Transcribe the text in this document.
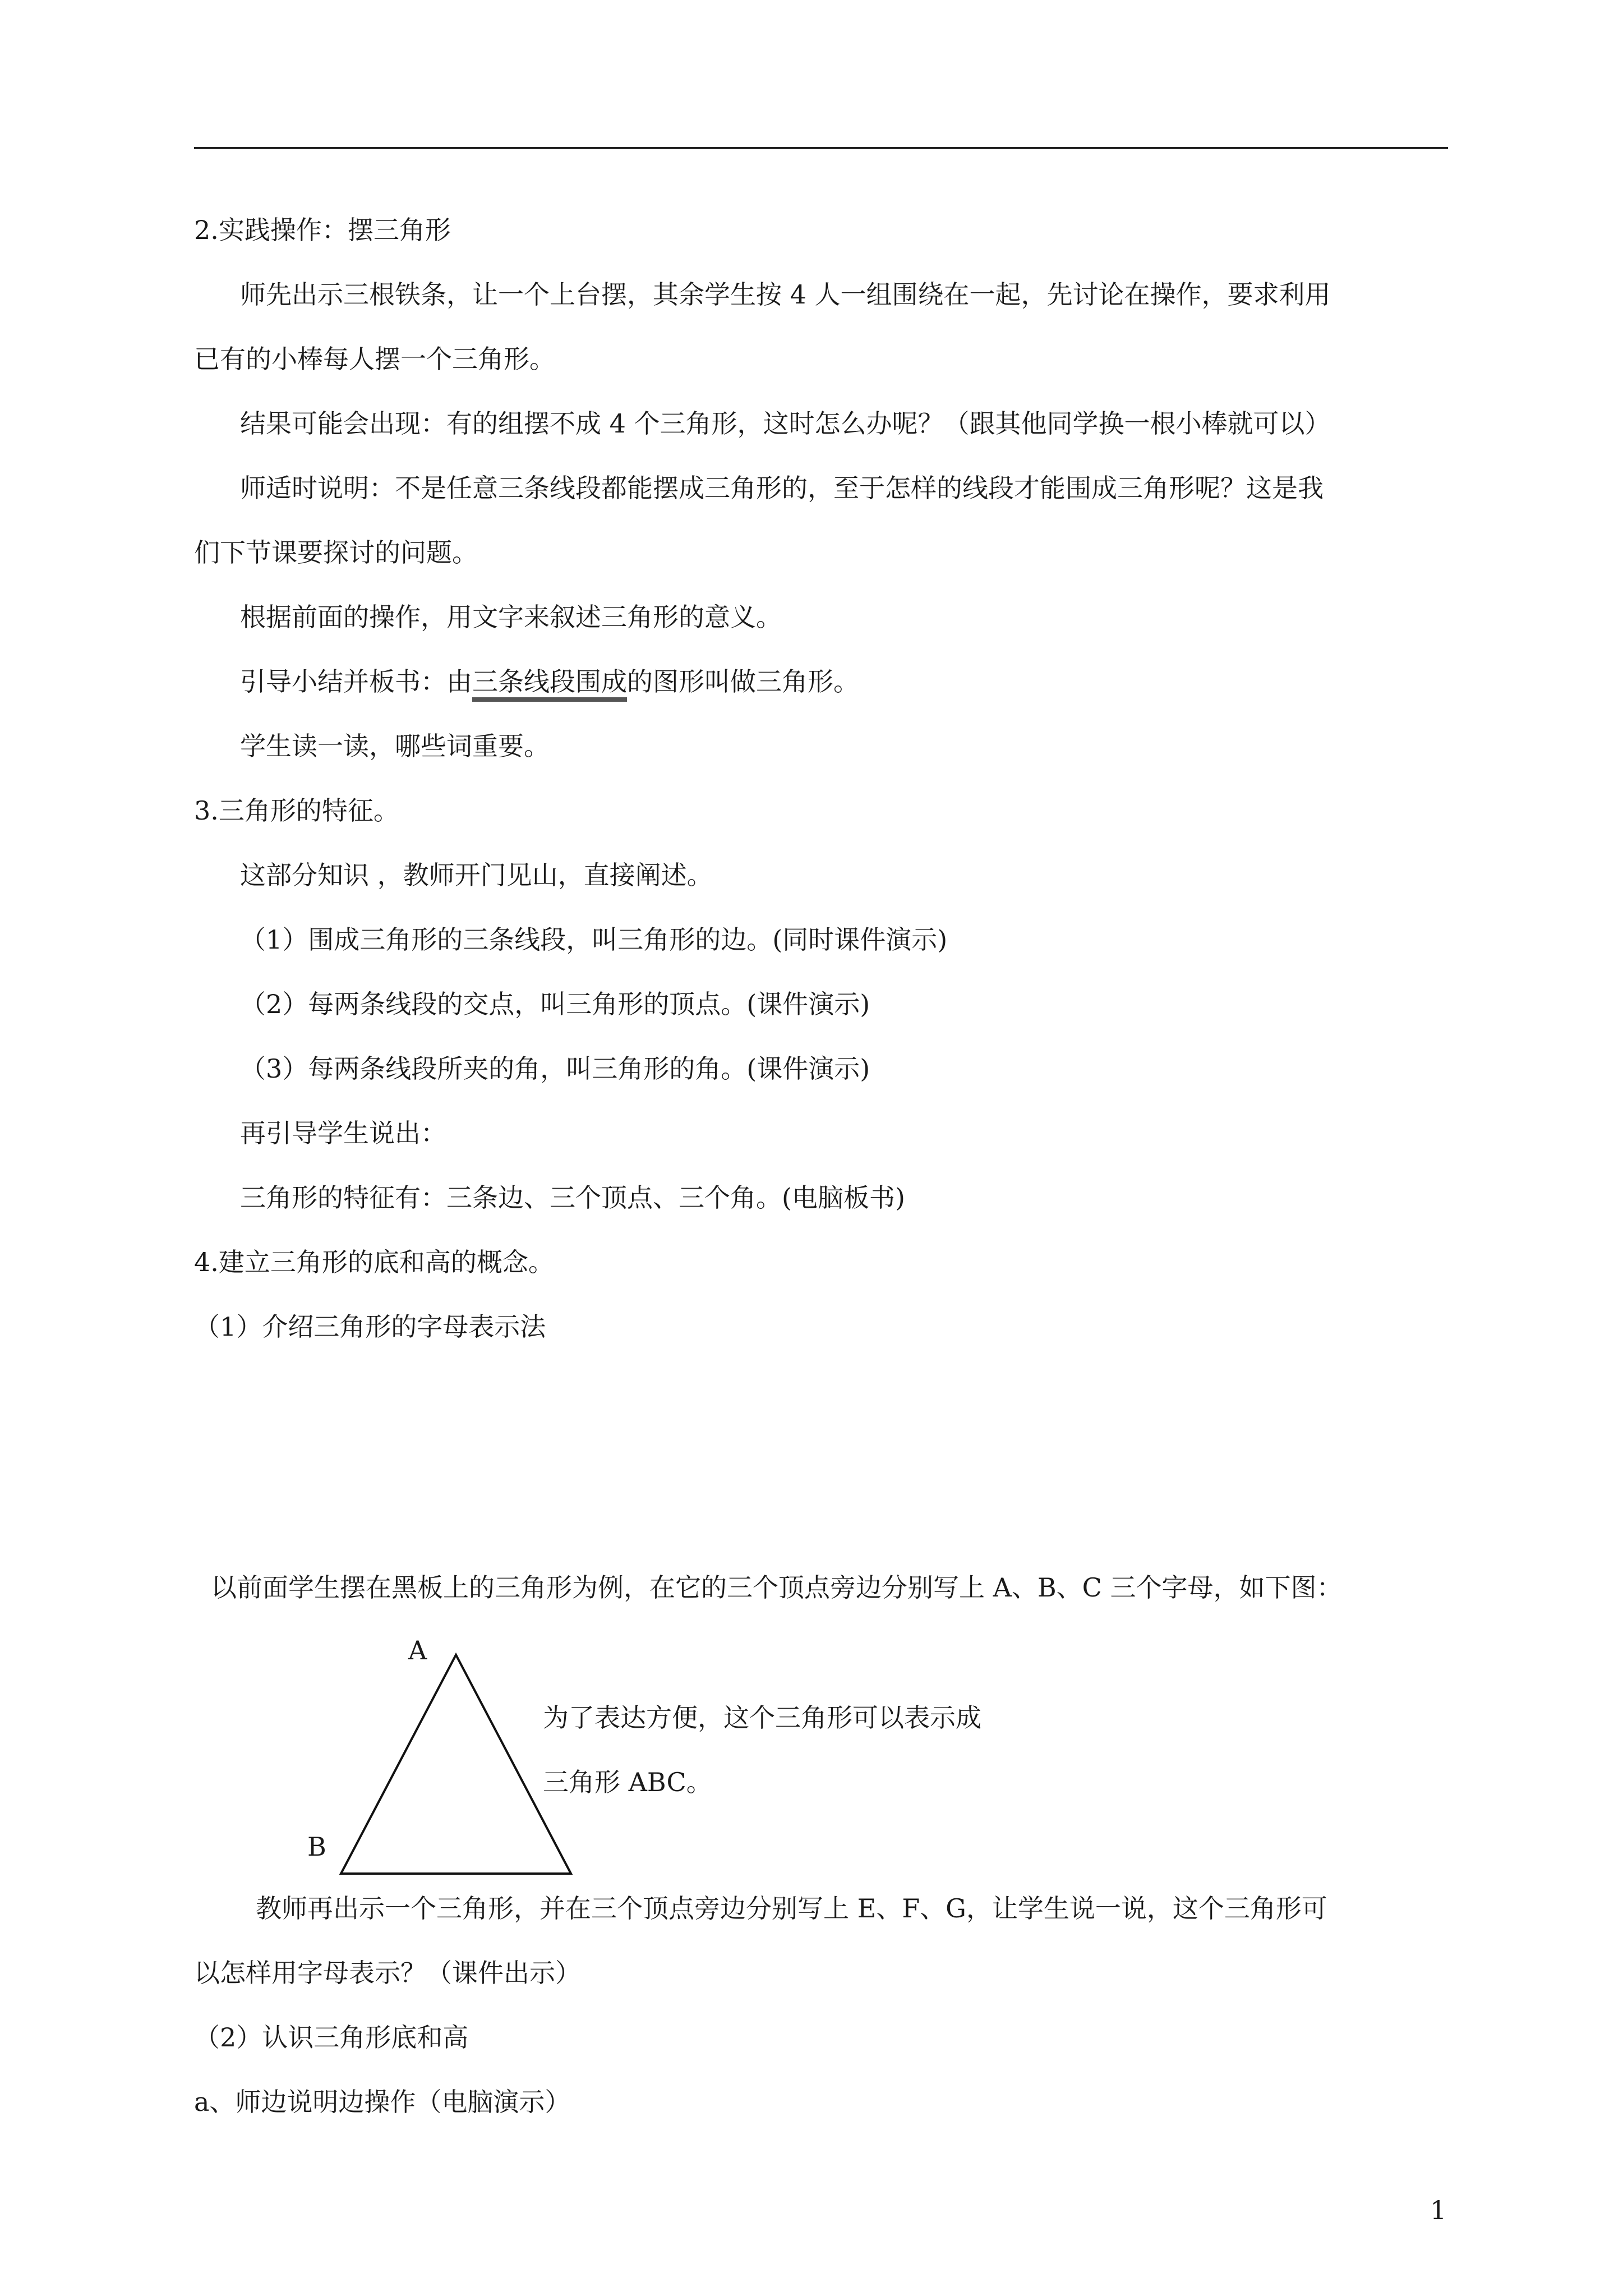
2.实践操作：摆三角形
师先出示三根铁条，让一个上台摆，其余学生按 4 人一组围绕在一起，先讨论在操作，要求利用
已有的小棒每人摆一个三角形。
结果可能会出现：有的组摆不成 4 个三角形，这时怎么办呢？（跟其他同学换一根小棒就可以）
师适时说明：不是任意三条线段都能摆成三角形的，至于怎样的线段才能围成三角形呢？这是我
们下节课要探讨的问题。
根据前面的操作，用文字来叙述三角形的意义。
引导小结并板书：由三条线段围成的图形叫做三角形。
学生读一读，哪些词重要。
3.三角形的特征。
这部分知识 ，教师开门见山，直接阐述。
（1）围成三角形的三条线段，叫三角形的边。(同时课件演示)
（2）每两条线段的交点，叫三角形的顶点。(课件演示)
（3）每两条线段所夹的角，叫三角形的角。(课件演示)
再引导学生说出：
三角形的特征有：三条边、三个顶点、三个角。(电脑板书)
4.建立三角形的底和高的概念。
（1）介绍三角形的字母表示法
以前面学生摆在黑板上的三角形为例，在它的三个顶点旁边分别写上 A、B、C 三个字母，如下图：
A
B
为了表达方便，这个三角形可以表示成
三角形 ABC。
教师再出示一个三角形，并在三个顶点旁边分别写上 E、F、G，让学生说一说，这个三角形可
以怎样用字母表示？（课件出示）
（2）认识三角形底和高
a、师边说明边操作（电脑演示）
1
